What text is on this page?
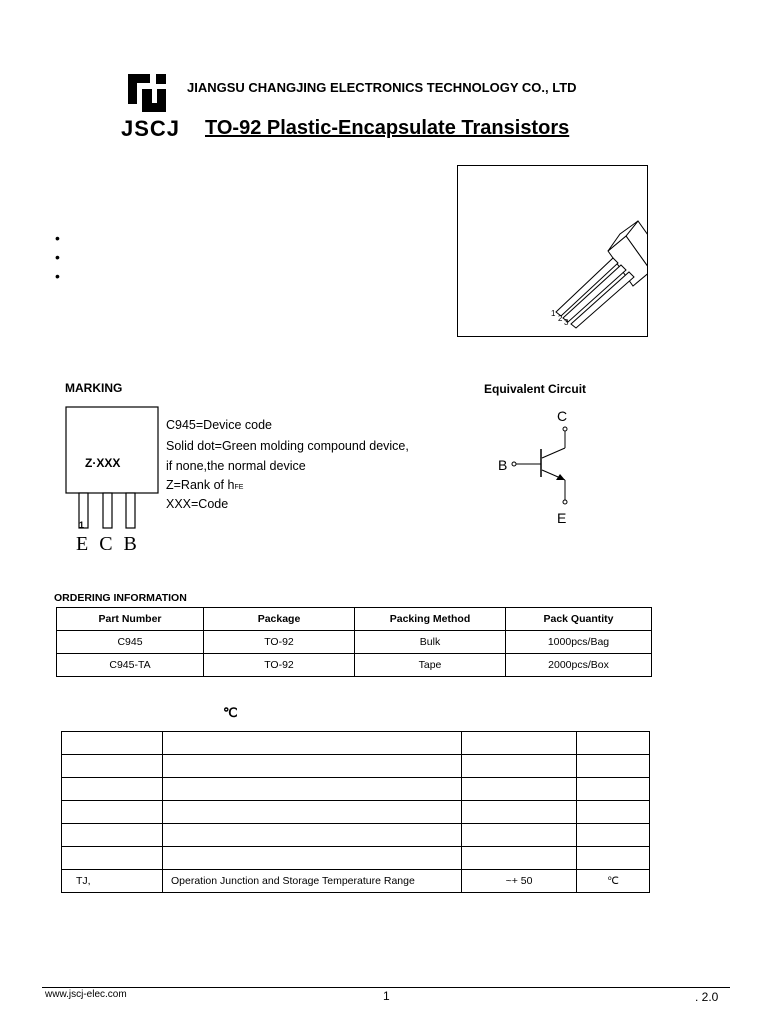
JSCJ
JIANGSU CHANGJING ELECTRONICS TECHNOLOGY CO., LTD
TO-92 Plastic-Encapsulate Transistors
1
2 3
•
•
•
MARKING	Equivalent Circuit
Z·XXX
1
E C B
C945=Device code
Solid dot=Green molding compound device,
if none,the normal device
Z=Rank of hFE
XXX=Code
C
B
E
ORDERING INFORMATION
Part Number	Package	Packing Method	Pack Quantity
C945	TO-92	Bulk	1000pcs/Bag
C945-TA	TO-92	Tape	2000pcs/Box
℃

TJ,	Operation Junction and Storage Temperature Range	~+ 50	℃
www.jscj-elec.com	1	. 2.0
